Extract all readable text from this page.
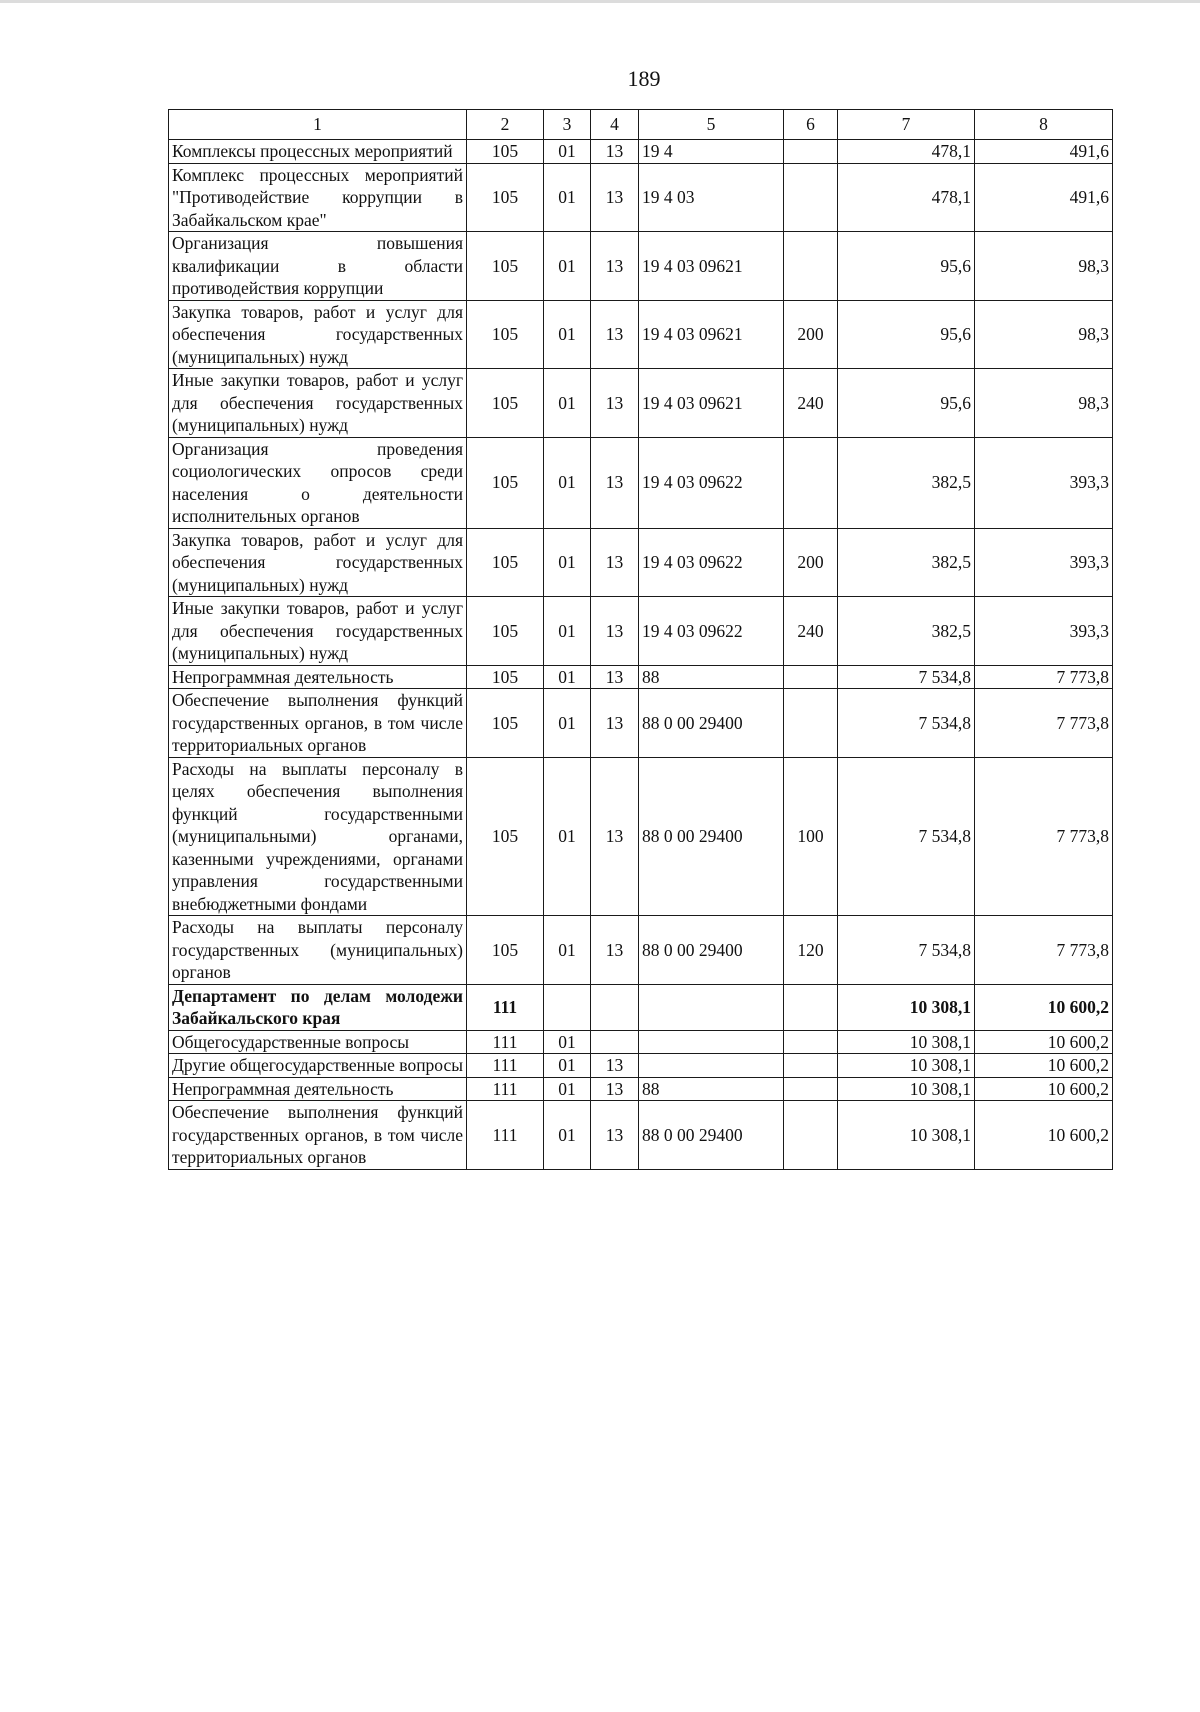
189
1	2	3	4	5	6	7	8
Комплексы процессных мероприятий	105	01	13	19 4		478,1	491,6
Комплекс процессных мероприятий "Противодействие коррупции в Забайкальском крае"	105	01	13	19 4 03		478,1	491,6
Организация повышения квалификации в области противодействия коррупции	105	01	13	19 4 03 09621		95,6	98,3
Закупка товаров, работ и услуг для обеспечения государственных (муниципальных) нужд	105	01	13	19 4 03 09621	200	95,6	98,3
Иные закупки товаров, работ и услуг для обеспечения государственных (муниципальных) нужд	105	01	13	19 4 03 09621	240	95,6	98,3
Организация проведения социологических опросов среди населения о деятельности исполнительных органов	105	01	13	19 4 03 09622		382,5	393,3
Закупка товаров, работ и услуг для обеспечения государственных (муниципальных) нужд	105	01	13	19 4 03 09622	200	382,5	393,3
Иные закупки товаров, работ и услуг для обеспечения государственных (муниципальных) нужд	105	01	13	19 4 03 09622	240	382,5	393,3
Непрограммная деятельность	105	01	13	88		7 534,8	7 773,8
Обеспечение выполнения функций государственных органов, в том числе территориальных органов	105	01	13	88 0 00 29400		7 534,8	7 773,8
Расходы на выплаты персоналу в целях обеспечения выполнения функций государственными (муниципальными) органами, казенными учреждениями, органами управления государственными внебюджетными фондами	105	01	13	88 0 00 29400	100	7 534,8	7 773,8
Расходы на выплаты персоналу государственных (муниципальных) органов	105	01	13	88 0 00 29400	120	7 534,8	7 773,8
Департамент по делам молодежи Забайкальского края	111					10 308,1	10 600,2
Общегосударственные вопросы	111	01				10 308,1	10 600,2
Другие общегосударственные вопросы	111	01	13			10 308,1	10 600,2
Непрограммная деятельность	111	01	13	88		10 308,1	10 600,2
Обеспечение выполнения функций государственных органов, в том числе территориальных органов	111	01	13	88 0 00 29400		10 308,1	10 600,2
